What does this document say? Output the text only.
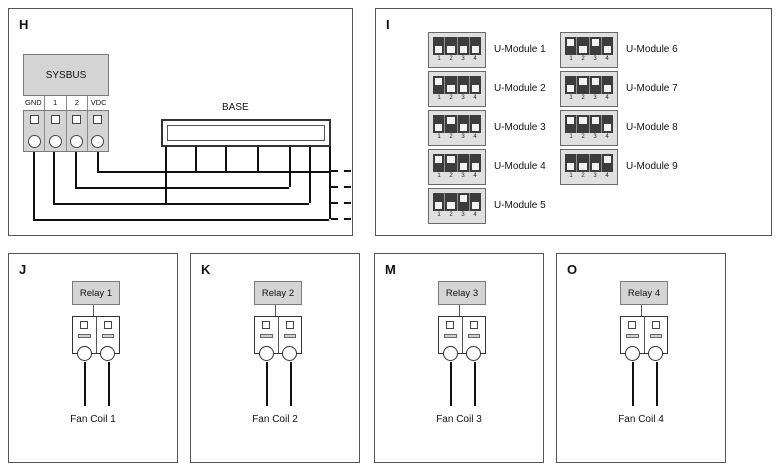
H
SYSBUS
GND	1	2	VDC	BASE
I
1	2	3	4
U-Module 1
1	2	3	4
U-Module 2
1	2	3	4
U-Module 3
1	2	3	4
U-Module 4
1	2	3	4
U-Module 5
1	2	3	4
U-Module 6
1	2	3	4
U-Module 7
1	2	3	4
U-Module 8
1	2	3	4
U-Module 9
J
Relay 1
Fan Coil 1
K
Relay 2
Fan Coil 2
M
Relay 3
Fan Coil 3
O
Relay 4
Fan Coil 4
